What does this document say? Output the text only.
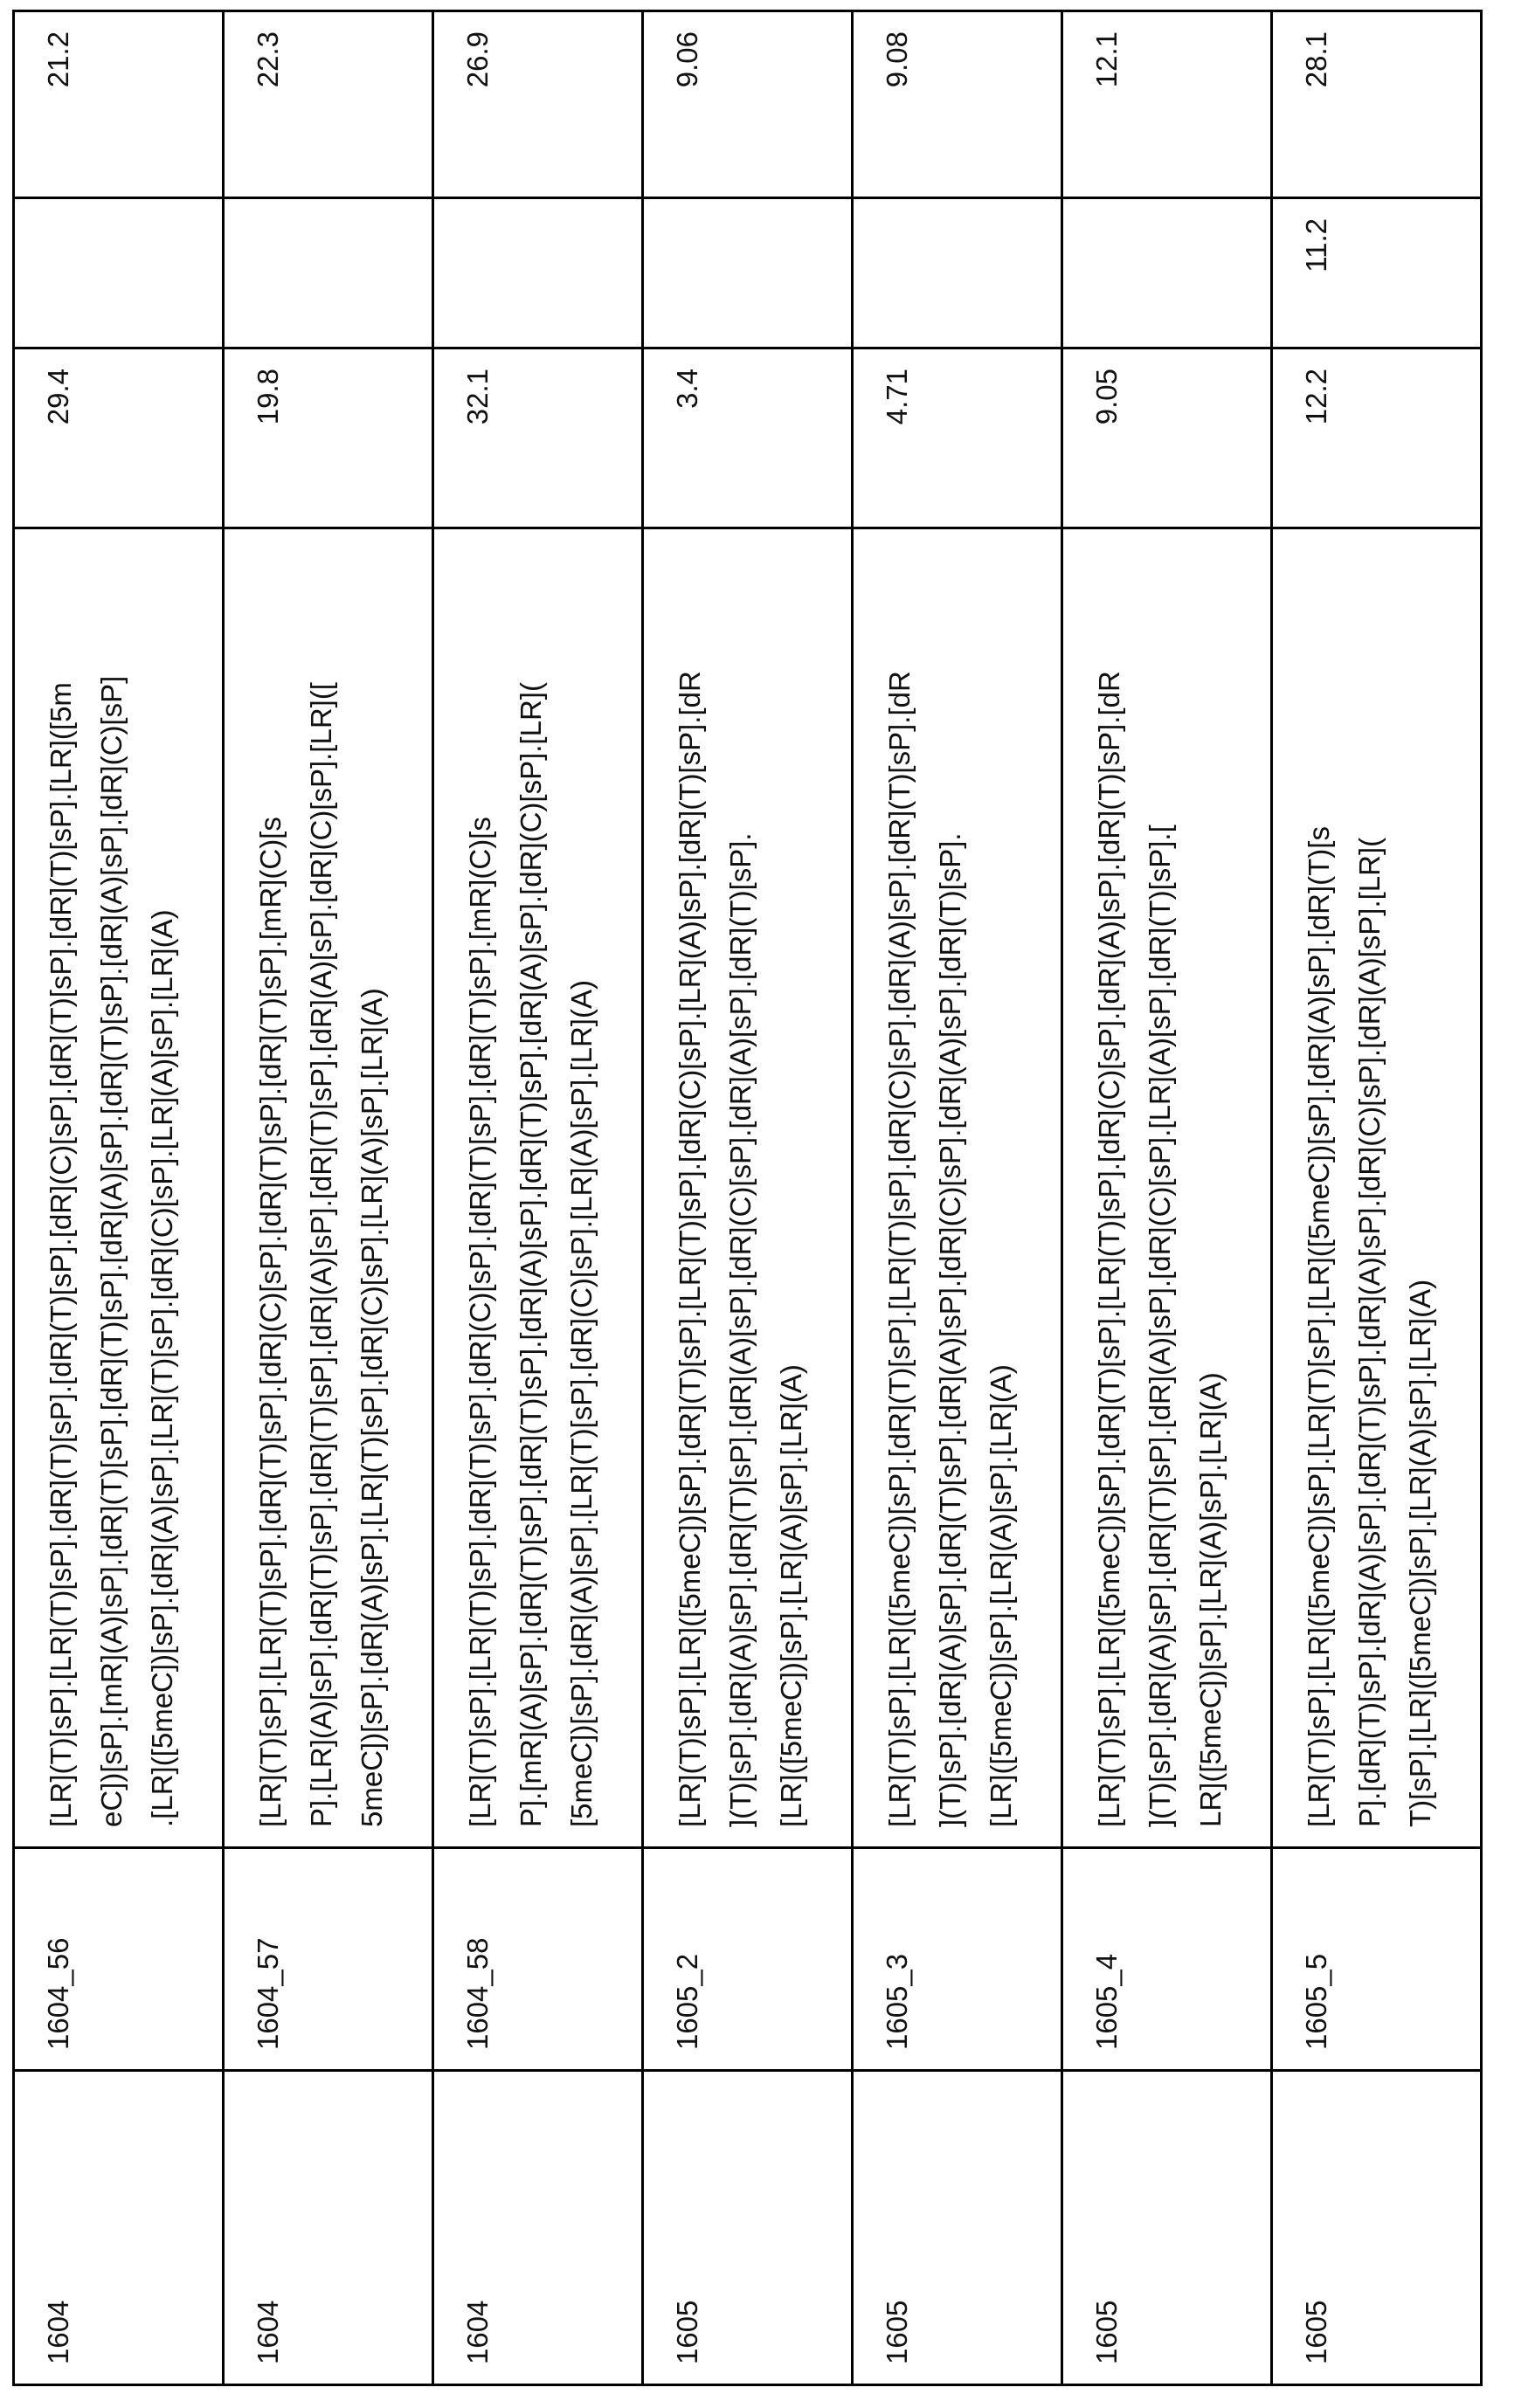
1604	1604_56	
[LR](T)[sP].[LR](T)[sP].[dR](T)[sP].[dR](T)[sP].[dR](C)[sP].[dR](T)[sP].[dR](T)[sP].[LR]([5m eC])[sP].[mR](A)[sP].[dR](T)[sP].[dR](T)[sP].[dR](A)[sP].[dR](T)[sP].[dR](A)[sP].[dR](C)[sP] .[LR]([5meC])[sP].[dR](A)[sP].[LR](T)[sP].[dR](C)[sP].[LR](A)[sP].[LR](A)
	29.4		21.2
1604	1604_57	
[LR](T)[sP].[LR](T)[sP].[dR](T)[sP].[dR](C)[sP].[dR](T)[sP].[dR](T)[sP].[mR](C)[s P].[LR](A)[sP].[dR](T)[sP].[dR](T)[sP].[dR](A)[sP].[dR](T)[sP].[dR](A)[sP].[dR](C)[sP].[LR]([ 5meC])[sP].[dR](A)[sP].[LR](T)[sP].[dR](C)[sP].[LR](A)[sP].[LR](A)
	19.8		22.3
1604	1604_58	
[LR](T)[sP].[LR](T)[sP].[dR](T)[sP].[dR](C)[sP].[dR](T)[sP].[dR](T)[sP].[mR](C)[s P].[mR](A)[sP].[dR](T)[sP].[dR](T)[sP].[dR](A)[sP].[dR](T)[sP].[dR](A)[sP].[dR](C)[sP].[LR]( [5meC])[sP].[dR](A)[sP].[LR](T)[sP].[dR](C)[sP].[LR](A)[sP].[LR](A)
	32.1		26.9
1605	1605_2	
[LR](T)[sP].[LR]([5meC])[sP].[dR](T)[sP].[LR](T)[sP].[dR](C)[sP].[LR](A)[sP].[dR](T)[sP].[dR ](T)[sP].[dR](A)[sP].[dR](T)[sP].[dR](A)[sP].[dR](C)[sP].[dR](A)[sP].[dR](T)[sP]. [LR]([5meC])[sP].[LR](A)[sP].[LR](A)
	3.4		9.06
1605	1605_3	
[LR](T)[sP].[LR]([5meC])[sP].[dR](T)[sP].[LR](T)[sP].[dR](C)[sP].[dR](A)[sP].[dR](T)[sP].[dR ](T)[sP].[dR](A)[sP].[dR](T)[sP].[dR](A)[sP].[dR](C)[sP].[dR](A)[sP].[dR](T)[sP]. [LR]([5meC])[sP].[LR](A)[sP].[LR](A)
	4.71		9.08
1605	1605_4	
[LR](T)[sP].[LR]([5meC])[sP].[dR](T)[sP].[LR](T)[sP].[dR](C)[sP].[dR](A)[sP].[dR](T)[sP].[dR ](T)[sP].[dR](A)[sP].[dR](T)[sP].[dR](A)[sP].[dR](C)[sP].[LR](A)[sP].[dR](T)[sP].[ LR]([5meC])[sP].[LR](A)[sP].[LR](A)
	9.05		12.1
1605	1605_5	
[LR](T)[sP].[LR]([5meC])[sP].[LR](T)[sP].[LR]([5meC])[sP].[dR](A)[sP].[dR](T)[s P].[dR](T)[sP].[dR](A)[sP].[dR](T)[sP].[dR](A)[sP].[dR](C)[sP].[dR](A)[sP].[LR]( T)[sP].[LR]([5meC])[sP].[LR](A)[sP].[LR](A)
	12.2	11.2	28.1
